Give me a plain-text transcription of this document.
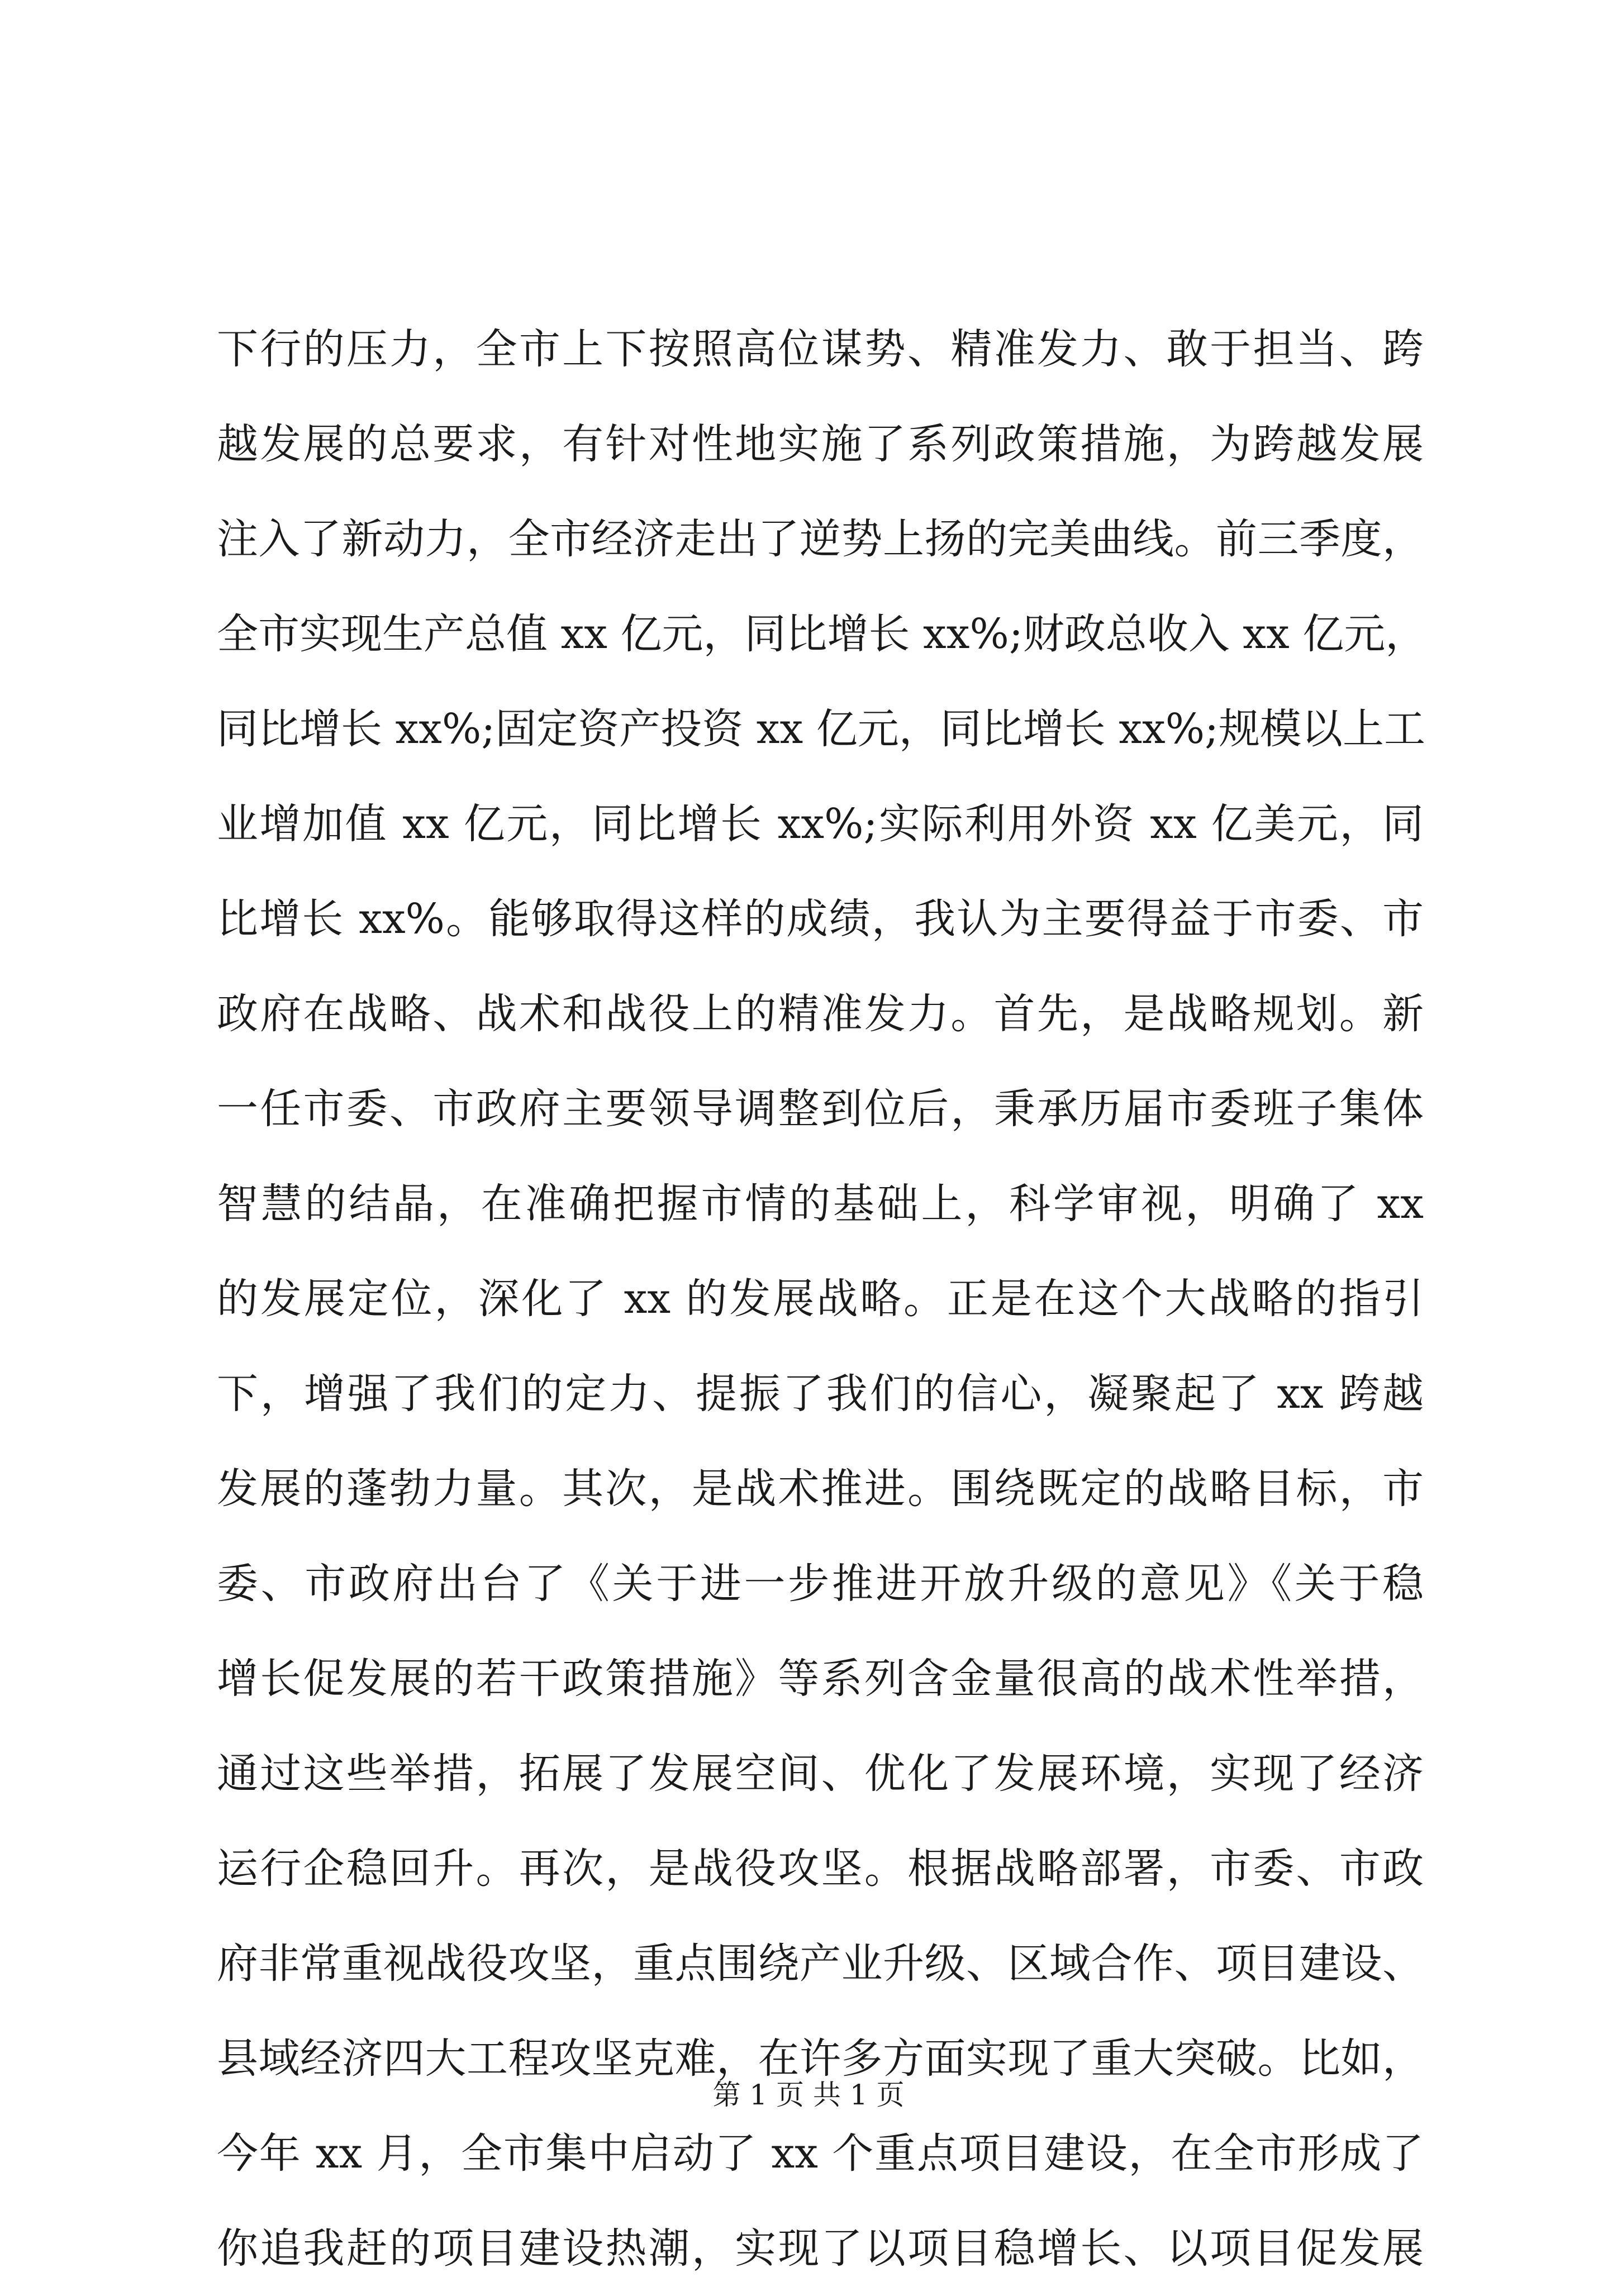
下行的压力，全市上下按照高位谋势、精准发力、敢于担当、跨
越发展的总要求，有针对性地实施了系列政策措施，为跨越发展
注入了新动力，全市经济走出了逆势上扬的完美曲线。前三季度，
全市实现生产总值 xx 亿元，同比增长 xx%;财政总收入 xx 亿元，
同比增长 xx%;固定资产投资 xx 亿元，同比增长 xx%;规模以上工
业增加值 xx 亿元，同比增长 xx%;实际利用外资 xx 亿美元，同
比增长 xx%。能够取得这样的成绩，我认为主要得益于市委、市
政府在战略、战术和战役上的精准发力。首先，是战略规划。新
一任市委、市政府主要领导调整到位后，秉承历届市委班子集体
智慧的结晶，在准确把握市情的基础上，科学审视，明确了 xx
的发展定位，深化了 xx 的发展战略。正是在这个大战略的指引
下，增强了我们的定力、提振了我们的信心，凝聚起了 xx 跨越
发展的蓬勃力量。其次，是战术推进。围绕既定的战略目标，市
委、市政府出台了《关于进一步推进开放升级的意见》《关于稳
增长促发展的若干政策措施》等系列含金量很高的战术性举措，
通过这些举措，拓展了发展空间、优化了发展环境，实现了经济
运行企稳回升。再次，是战役攻坚。根据战略部署，市委、市政
府非常重视战役攻坚，重点围绕产业升级、区域合作、项目建设、
县域经济四大工程攻坚克难，在许多方面实现了重大突破。比如，
今年 xx 月，全市集中启动了 xx 个重点项目建设，在全市形成了
你追我赶的项目建设热潮，实现了以项目稳增长、以项目促发展
第 1 页 共 1 页
